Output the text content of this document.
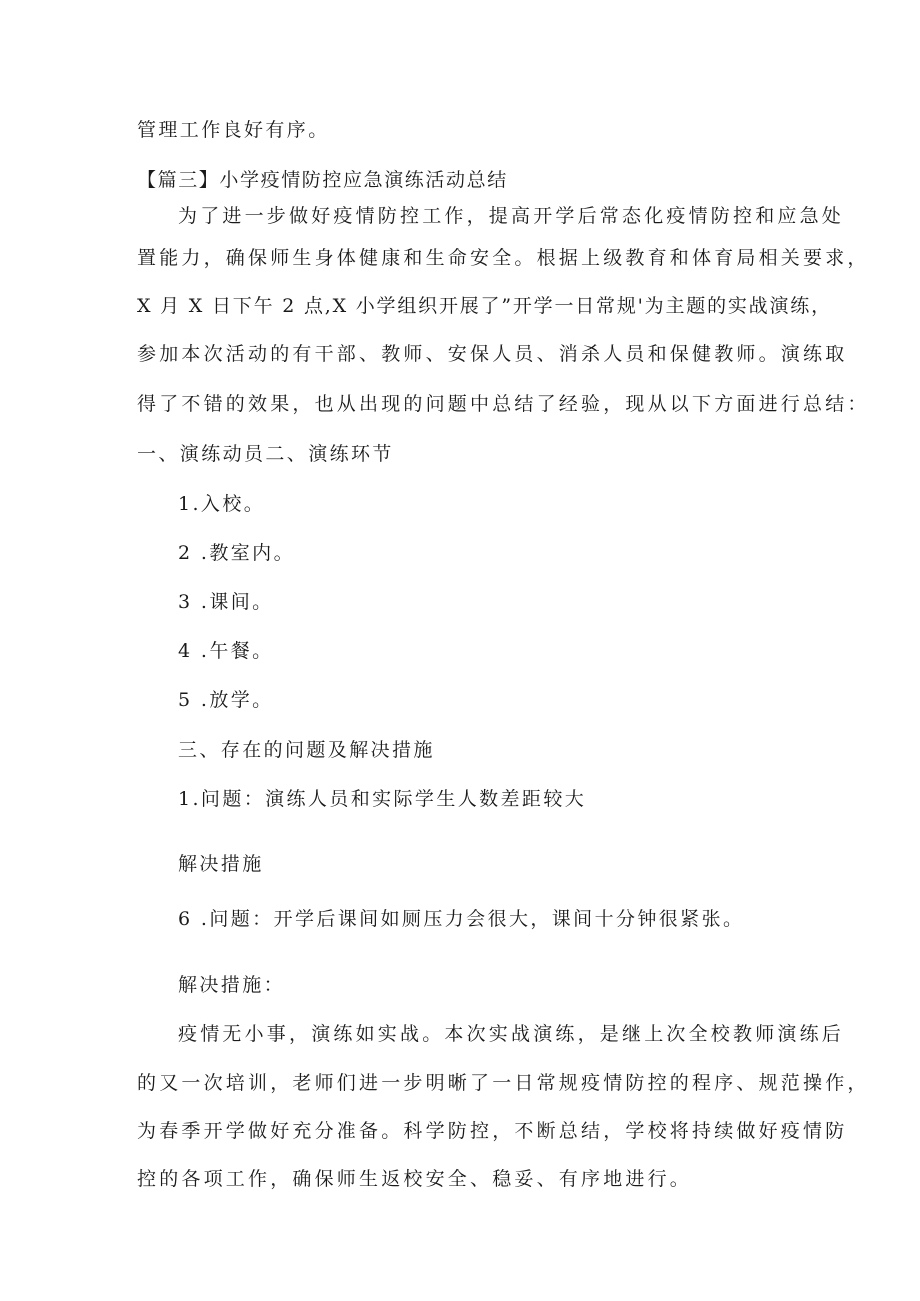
管理工作良好有序。
【篇三】小学疫情防控应急演练活动总结
为了进一步做好疫情防控工作，提高开学后常态化疫情防控和应急处
置能力，确保师生身体健康和生命安全。根据上级教育和体育局相关要求，
X 月 X 日下午 2 点,X 小学组织开展了”开学一日常规'为主题的实战演练，
参加本次活动的有干部、教师、安保人员、消杀人员和保健教师。演练取
得了不错的效果，也从出现的问题中总结了经验，现从以下方面进行总结：
一、演练动员二、演练环节
1.入校。
2 .教室内。
3 .课间。
4 .午餐。
5 .放学。
三、存在的问题及解决措施
1.问题：演练人员和实际学生人数差距较大
解决措施
6 .问题：开学后课间如厕压力会很大，课间十分钟很紧张。
解决措施：
疫情无小事，演练如实战。本次实战演练，是继上次全校教师演练后
的又一次培训，老师们进一步明晰了一日常规疫情防控的程序、规范操作，
为春季开学做好充分准备。科学防控，不断总结，学校将持续做好疫情防
控的各项工作，确保师生返校安全、稳妥、有序地进行。
